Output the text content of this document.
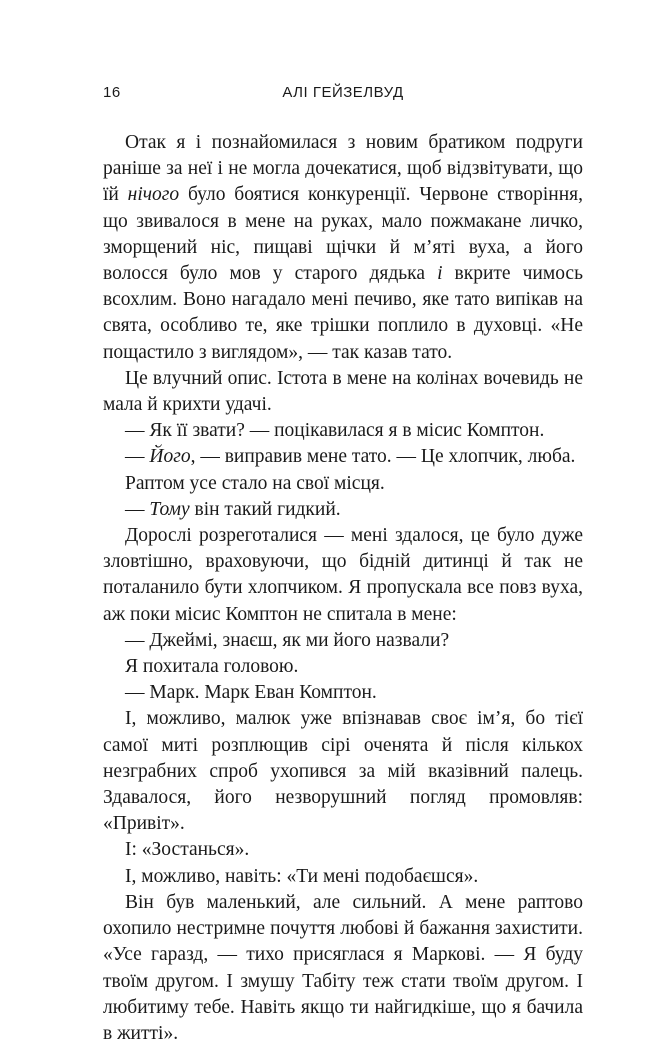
16	АЛІ ГЕЙЗЕЛВУД

Отак я і познайомилася з новим братиком подруги раніше за неї і не могла дочекатися, щоб відзвітувати, що їй нічого було боятися конкуренції. Червоне створіння, що звивалося в мене на руках, мало пожмакане личко, зморщений ніс, пищаві щічки й м’яті вуха, а його волосся було мов у старого дядька і вкрите чимось всохлим. Воно нагадало мені печиво, яке тато випікав на свята, особливо те, яке трішки поплило в духовці. «Не пощастило з виглядом», — так казав тато.

Це влучний опис. Істота в мене на колінах вочевидь не мала й крихти удачі.

— Як її звати? — поцікавилася я в місис Комптон.

— Його, — виправив мене тато. — Це хлопчик, люба.

Раптом усе стало на свої місця.

— Тому він такий гидкий.

Дорослі розреготалися — мені здалося, це було дуже зловтішно, враховуючи, що бідній дитинці й так не поталанило бути хлопчиком. Я пропускала все повз вуха, аж поки місис Комптон не спитала в мене:

— Джеймі, знаєш, як ми його назвали?

Я похитала головою.

— Марк. Марк Еван Комптон.

І, можливо, малюк уже впізнавав своє ім’я, бо тієї самої миті розплющив сірі оченята й після кількох незграбних спроб ухопився за мій вказівний палець. Здавалося, його незворушний погляд промовляв: «Привіт».

І: «Зостанься».

І, можливо, навіть: «Ти мені подобаєшся».

Він був маленький, але сильний. А мене раптово охопило нестримне почуття любові й бажання захистити. «Усе гаразд, — тихо присяглася я Маркові. — Я буду твоїм другом. І змушу Табіту теж стати твоїм другом. І любитиму тебе. Навіть якщо ти найгидкіше, що я бачила в житті».
